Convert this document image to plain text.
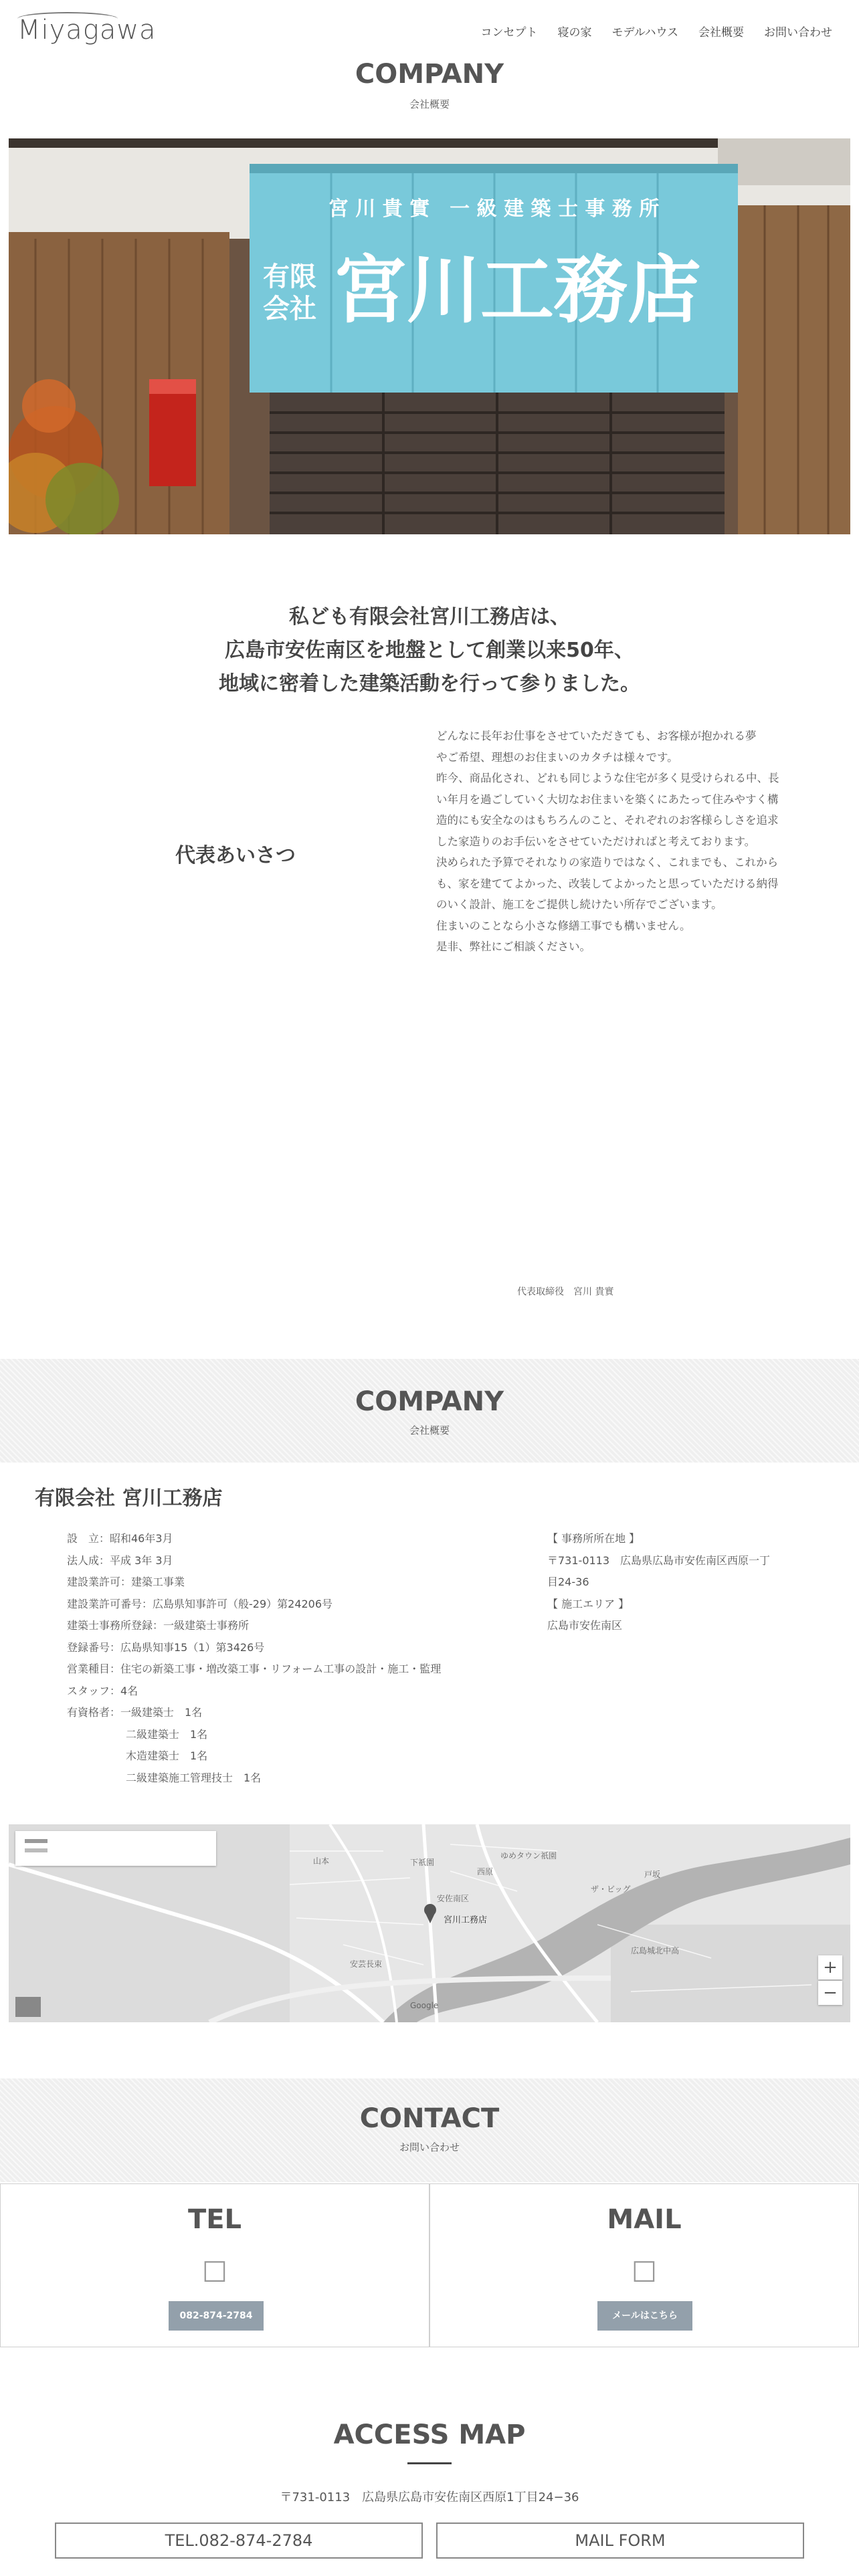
Miyagawa	コンセプト 寝の家 モデルハウス 会社概要 お問い合わせ
COMPANY
会社概要
宮 川 貴 實　一 級 建 築 士 事 務 所
有限
会社 宮川工務店
私ども有限会社宮川工務店は、
広島市安佐南区を地盤として創業以来50年、
地域に密着した建築活動を行って参りました。
代表あいさつ
どんなに長年お仕事をさせていただきても、お客様が抱かれる夢
やご希望、理想のお住まいのカタチは様々です。
昨今、商品化され、どれも同じような住宅が多く見受けられる中、長
い年月を過ごしていく大切なお住まいを築くにあたって住みやすく構
造的にも安全なのはもちろんのこと、それぞれのお客様らしさを追求
した家造りのお手伝いをさせていただければと考えております。
決められた予算でそれなりの家造りではなく、これまでも、これから
も、家を建ててよかった、改装してよかったと思っていただける納得
のいく設計、施工をご提供し続けたい所存でございます。
住まいのことなら小さな修繕工事でも構いません。
是非、弊社にご相談ください。
代表取締役　宮川 貴實
COMPANY
会社概要
有限会社 宮川工務店
設　立：昭和46年3月
法人成：平成 3年 3月
建設業許可：建築工事業
建設業許可番号：広島県知事許可（般-29）第24206号
建築士事務所登録：一級建築士事務所
登録番号：広島県知事15（1）第3426号
営業種目：住宅の新築工事・増改築工事・リフォーム工事の設計・施工・監理
スタッフ：4名
有資格者：一級建築士　1名
二級建築士　1名
木造建築士　1名
二級建築施工管理技士　1名
【 事務所所在地 】
〒731-0113　広島県広島市安佐南区西原一丁
目24-36
【 施工エリア 】
広島市安佐南区
宮川工務店
山本	下祇園
西原
ゆめタウン祇園
安佐南区
ザ・ビッグ
安芸長束
広島城北中高
Google
戸坂
+
−
CONTACT
お問い合わせ
TEL
□
082-874-2784
MAIL
□
メールはこちら
ACCESS MAP
〒731-0113　広島県広島市安佐南区西原1丁目24−36
TEL.082-874-2784	MAIL FORM
